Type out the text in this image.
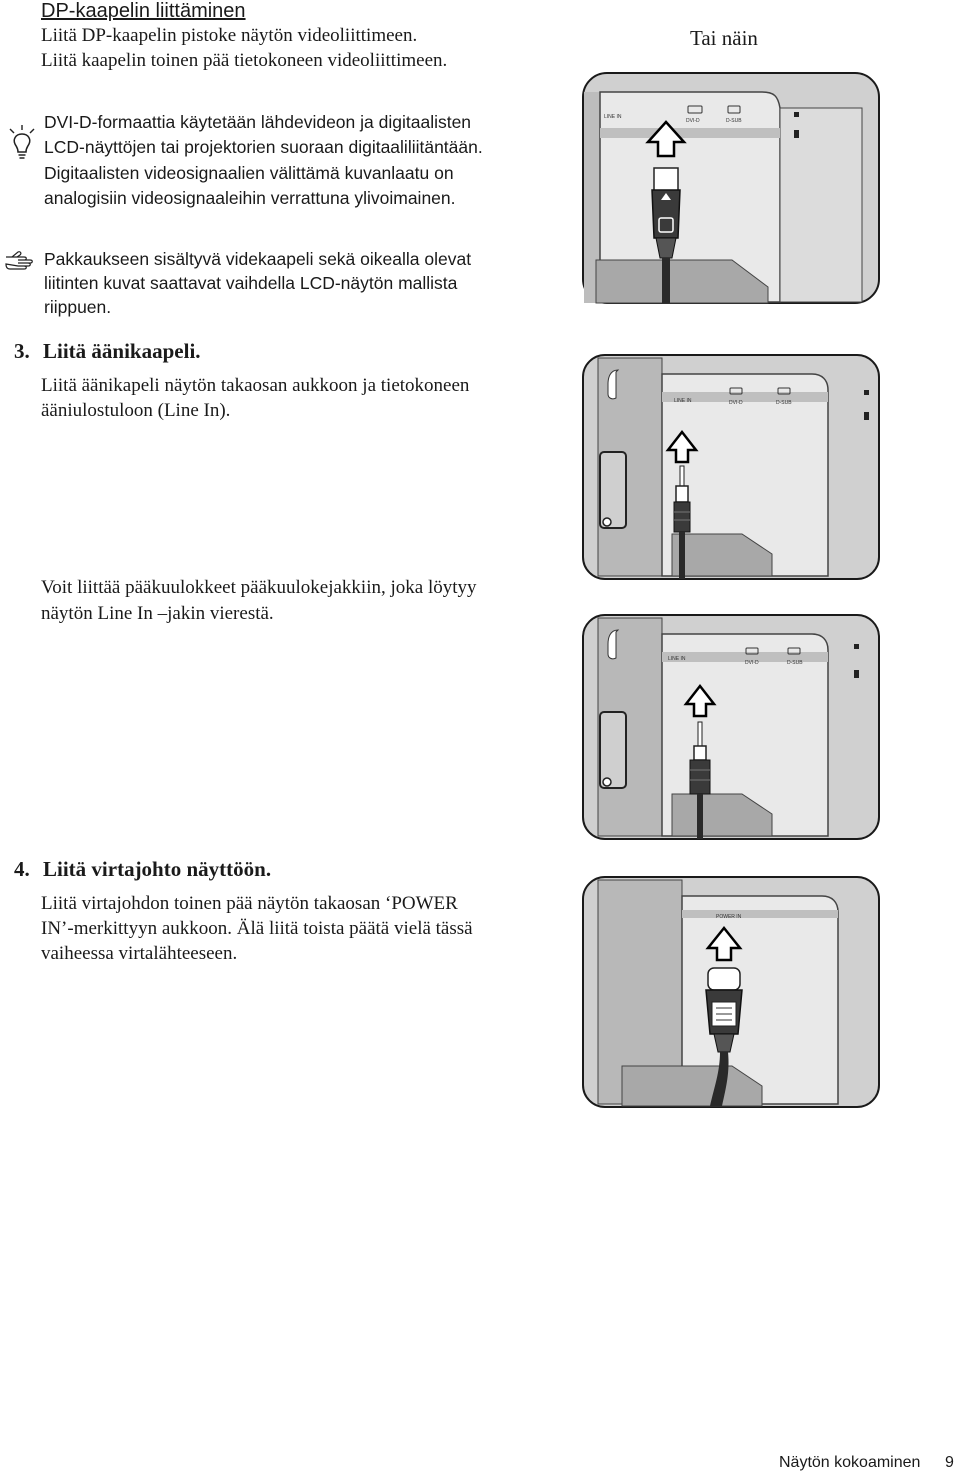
DP-kaapelin liittäminen
Liitä DP-kaapelin pistoke näytön videoliittimeen.
Liitä kaapelin toinen pää tietokoneen videoliittimeen.
Tai näin
DVI-D-formaattia käytetään lähdevideon ja digitaalisten
LCD-näyttöjen tai projektorien suoraan digitaaliliitäntään.
Digitaalisten videosignaalien välittämä kuvanlaatu on
analogisiin videosignaaleihin verrattuna ylivoimainen.
Pakkaukseen sisältyvä videkaapeli sekä oikealla olevat
liitinten kuvat saattavat vaihdella LCD-näytön mallista
riippuen.
3. Liitä äänikaapeli.
Liitä äänikapeli näytön takaosan aukkoon ja tietokoneen
ääniulostuloon (Line In).
Voit liittää pääkuulokkeet pääkuulokejakkiin, joka löytyy
näytön Line In –jakin vierestä.
4. Liitä virtajohto näyttöön.
Liitä virtajohdon toinen pää näytön takaosan ‘POWER
IN’-merkittyyn aukkoon. Älä liitä toista päätä vielä tässä
vaiheessa virtalähteeseen.
LINE IN
DVI-D	D-SUB
LINE IN	DVI-D	D-SUB
LINE IN
DVI-D	D-SUB
POWER IN
Näytön kokoaminen 9
